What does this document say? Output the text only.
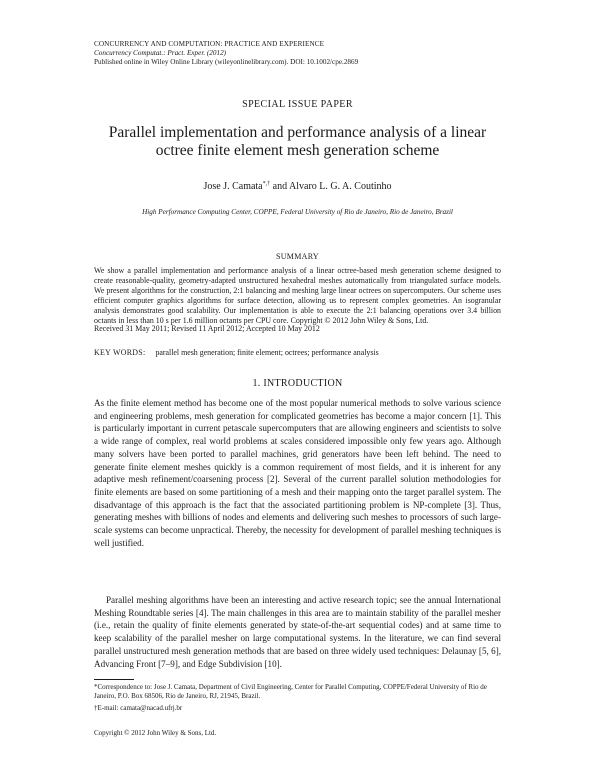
CONCURRENCY AND COMPUTATION: PRACTICE AND EXPERIENCE
Concurrency Computat.: Pract. Exper. (2012)
Published online in Wiley Online Library (wileyonlinelibrary.com). DOI: 10.1002/cpe.2869
SPECIAL ISSUE PAPER
Parallel implementation and performance analysis of a linear octree finite element mesh generation scheme
Jose J. Camata*,† and Alvaro L. G. A. Coutinho
High Performance Computing Center, COPPE, Federal University of Rio de Janeiro, Rio de Janeiro, Brazil
SUMMARY
We show a parallel implementation and performance analysis of a linear octree-based mesh generation scheme designed to create reasonable-quality, geometry-adapted unstructured hexahedral meshes automatically from triangulated surface models. We present algorithms for the construction, 2:1 balancing and meshing large linear octrees on supercomputers. Our scheme uses efficient computer graphics algorithms for surface detection, allowing us to represent complex geometries. An isogranular analysis demonstrates good scalability. Our implementation is able to execute the 2:1 balancing operations over 3.4 billion octants in less than 10 s per 1.6 million octants per CPU core. Copyright © 2012 John Wiley & Sons, Ltd.
Received 31 May 2011; Revised 11 April 2012; Accepted 10 May 2012
KEY WORDS: parallel mesh generation; finite element; octrees; performance analysis
1. INTRODUCTION
As the finite element method has become one of the most popular numerical methods to solve various science and engineering problems, mesh generation for complicated geometries has become a major concern [1]. This is particularly important in current petascale supercomputers that are allowing engineers and scientists to solve a wide range of complex, real world problems at scales considered impossible only few years ago. Although many solvers have been ported to parallel machines, grid generators have been left behind. The need to generate finite element meshes quickly is a common requirement of most fields, and it is inherent for any adaptive mesh refinement/coarsening process [2]. Several of the current parallel solution methodologies for finite elements are based on some partitioning of a mesh and their mapping onto the target parallel system. The disadvantage of this approach is the fact that the associated partitioning problem is NP-complete [3]. Thus, generating meshes with billions of nodes and elements and delivering such meshes to processors of such large-scale systems can become unpractical. Thereby, the necessity for development of parallel meshing techniques is well justified.
Parallel meshing algorithms have been an interesting and active research topic; see the annual International Meshing Roundtable series [4]. The main challenges in this area are to maintain stability of the parallel mesher (i.e., retain the quality of finite elements generated by state-of-the-art sequential codes) and at same time to keep scalability of the parallel mesher on large computational systems. In the literature, we can find several parallel unstructured mesh generation methods that are based on three widely used techniques: Delaunay [5, 6], Advancing Front [7–9], and Edge Subdivision [10].
*Correspondence to: Jose J. Camata, Department of Civil Engineering, Center for Parallel Computing, COPPE/Federal University of Rio de Janeiro, P.O. Box 68506, Rio de Janeiro, RJ, 21945, Brazil.
†E-mail: camata@nacad.ufrj.br
Copyright © 2012 John Wiley & Sons, Ltd.
